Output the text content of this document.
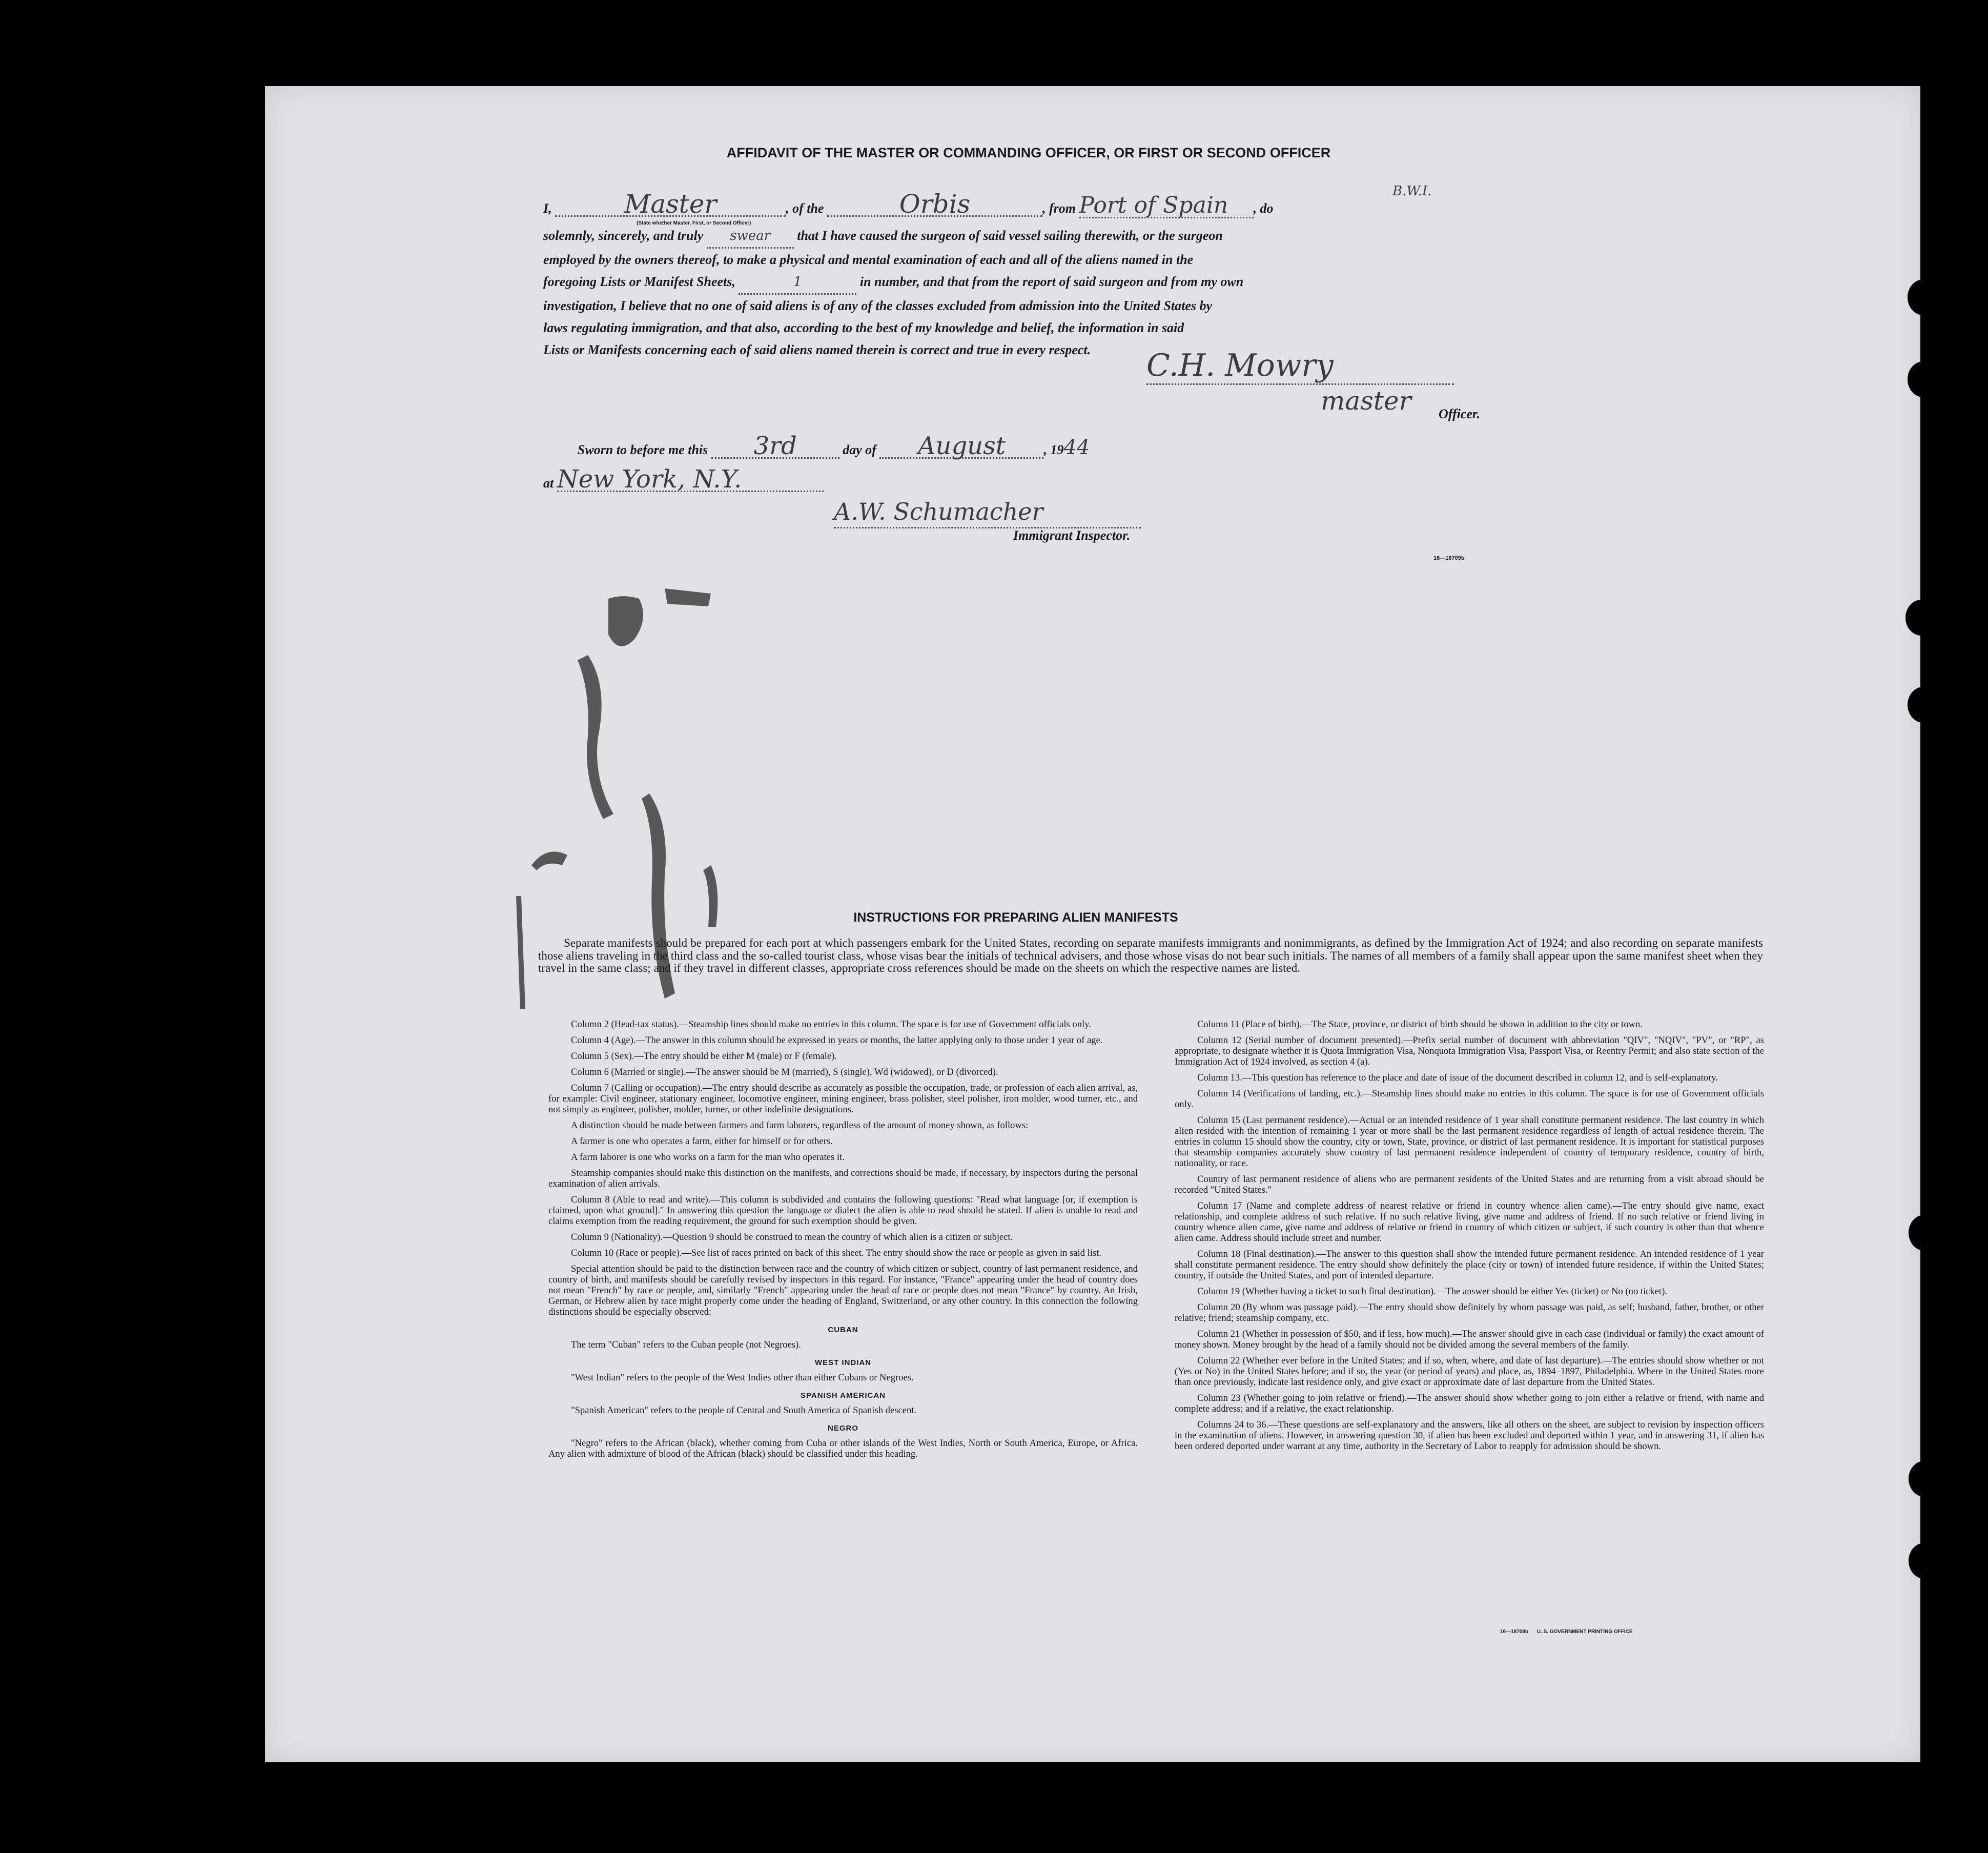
AFFIDAVIT OF THE MASTER OR COMMANDING OFFICER, OR FIRST OR SECOND OFFICER
I,	Master	, of the	Orbis	, from Port of Spain , do
B.W.I.
(State whether Master, First, or Second Officer)
solemnly, sincerely, and truly swear that I have caused the surgeon of said vessel sailing therewith, or the surgeon
employed by the owners thereof, to make a physical and mental examination of each and all of the aliens named in the
foregoing Lists or Manifest Sheets,	1	in number, and that from the report of said surgeon and from my own
investigation, I believe that no one of said aliens is of any of the classes excluded from admission into the United States by
laws regulating immigration, and that also, according to the best of my knowledge and belief, the information in said
Lists or Manifests concerning each of said aliens named therein is correct and true in every respect.	C.H. Mowry
master Officer.
Sworn to before me this 3rd	day of August	, 1944
at New York, N.Y.
A.W. Schumacher
Immigrant Inspector.
16—18709b
INSTRUCTIONS FOR PREPARING ALIEN MANIFESTS
Separate manifests should be prepared for each port at which passengers embark for the United States, recording on separate manifests immigrants and nonimmigrants, as defined by the Immigration Act of 1924; and also recording on separate manifests those aliens traveling in the third class and the so-called tourist class, whose visas bear the initials of technical advisers, and those whose visas do not bear such initials. The names of all members of a family shall appear upon the same manifest sheet when they travel in the same class; and if they travel in different classes, appropriate cross references should be made on the sheets on which the respective names are listed.

Column 2 (Head-tax status).—Steamship lines should make no entries in this column. The space is for use of Government officials only.

Column 4 (Age).—The answer in this column should be expressed in years or months, the latter applying only to those under 1 year of age.

Column 5 (Sex).—The entry should be either M (male) or F (female).

Column 6 (Married or single).—The answer should be M (married), S (single), Wd (widowed), or D (divorced).

Column 7 (Calling or occupation).—The entry should describe as accurately as possible the occupation, trade, or profession of each alien arrival, as, for example: Civil engineer, stationary engineer, locomotive engineer, mining engineer, brass polisher, steel polisher, iron molder, wood turner, etc., and not simply as engineer, polisher, molder, turner, or other indefinite designations.

A distinction should be made between farmers and farm laborers, regardless of the amount of money shown, as follows:

A farmer is one who operates a farm, either for himself or for others.

A farm laborer is one who works on a farm for the man who operates it.

Steamship companies should make this distinction on the manifests, and corrections should be made, if necessary, by inspectors during the personal examination of alien arrivals.

Column 8 (Able to read and write).—This column is subdivided and contains the following questions: "Read what language [or, if exemption is claimed, upon what ground]." In answering this question the language or dialect the alien is able to read should be stated. If alien is unable to read and claims exemption from the reading requirement, the ground for such exemption should be given.

Column 9 (Nationality).—Question 9 should be construed to mean the country of which alien is a citizen or subject.

Column 10 (Race or people).—See list of races printed on back of this sheet. The entry should show the race or people as given in said list.

Special attention should be paid to the distinction between race and the country of which citizen or subject, country of last permanent residence, and country of birth, and manifests should be carefully revised by inspectors in this regard. For instance, "France" appearing under the head of country does not mean "French" by race or people, and, similarly "French" appearing under the head of race or people does not mean "France" by country. An Irish, German, or Hebrew alien by race might properly come under the heading of England, Switzerland, or any other country. In this connection the following distinctions should be especially observed:

CUBAN

The term "Cuban" refers to the Cuban people (not Negroes).

WEST INDIAN

"West Indian" refers to the people of the West Indies other than either Cubans or Negroes.

SPANISH AMERICAN

"Spanish American" refers to the people of Central and South America of Spanish descent.

NEGRO

"Negro" refers to the African (black), whether coming from Cuba or other islands of the West Indies, North or South America, Europe, or Africa. Any alien with admixture of blood of the African (black) should be classified under this heading.

Column 11 (Place of birth).—The State, province, or district of birth should be shown in addition to the city or town.

Column 12 (Serial number of document presented).—Prefix serial number of document with abbreviation "QIV", "NQIV", "PV", or "RP", as appropriate, to designate whether it is Quota Immigration Visa, Nonquota Immigration Visa, Passport Visa, or Reentry Permit; and also state section of the Immigration Act of 1924 involved, as section 4 (a).

Column 13.—This question has reference to the place and date of issue of the document described in column 12, and is self-explanatory.

Column 14 (Verifications of landing, etc.).—Steamship lines should make no entries in this column. The space is for use of Government officials only.

Column 15 (Last permanent residence).—Actual or an intended residence of 1 year shall constitute permanent residence. The last country in which alien resided with the intention of remaining 1 year or more shall be the last permanent residence regardless of length of actual residence therein. The entries in column 15 should show the country, city or town, State, province, or district of last permanent residence. It is important for statistical purposes that steamship companies accurately show country of last permanent residence independent of country of temporary residence, country of birth, nationality, or race.

Country of last permanent residence of aliens who are permanent residents of the United States and are returning from a visit abroad should be recorded "United States."

Column 17 (Name and complete address of nearest relative or friend in country whence alien came).—The entry should give name, exact relationship, and complete address of such relative. If no such relative living, give name and address of friend. If no such relative or friend living in country whence alien came, give name and address of relative or friend in country of which citizen or subject, if such country is other than that whence alien came. Address should include street and number.

Column 18 (Final destination).—The answer to this question shall show the intended future permanent residence. An intended residence of 1 year shall constitute permanent residence. The entry should show definitely the place (city or town) of intended future residence, if within the United States; country, if outside the United States, and port of intended departure.

Column 19 (Whether having a ticket to such final destination).—The answer should be either Yes (ticket) or No (no ticket).

Column 20 (By whom was passage paid).—The entry should show definitely by whom passage was paid, as self; husband, father, brother, or other relative; friend; steamship company, etc.

Column 21 (Whether in possession of $50, and if less, how much).—The answer should give in each case (individual or family) the exact amount of money shown. Money brought by the head of a family should not be divided among the several members of the family.

Column 22 (Whether ever before in the United States; and if so, when, where, and date of last departure).—The entries should show whether or not (Yes or No) in the United States before; and if so, the year (or period of years) and place, as, 1894–1897, Philadelphia. Where in the United States more than once previously, indicate last residence only, and give exact or approximate date of last departure from the United States.

Column 23 (Whether going to join relative or friend).—The answer should show whether going to join either a relative or friend, with name and complete address; and if a relative, the exact relationship.

Columns 24 to 36.—These questions are self-explanatory and the answers, like all others on the sheet, are subject to revision by inspection officers in the examination of aliens. However, in answering question 30, if alien has been excluded and deported within 1 year, and in answering 31, if alien has been ordered deported under warrant at any time, authority in the Secretary of Labor to reapply for admission should be shown.

16—18709b U. S. GOVERNMENT PRINTING OFFICE
